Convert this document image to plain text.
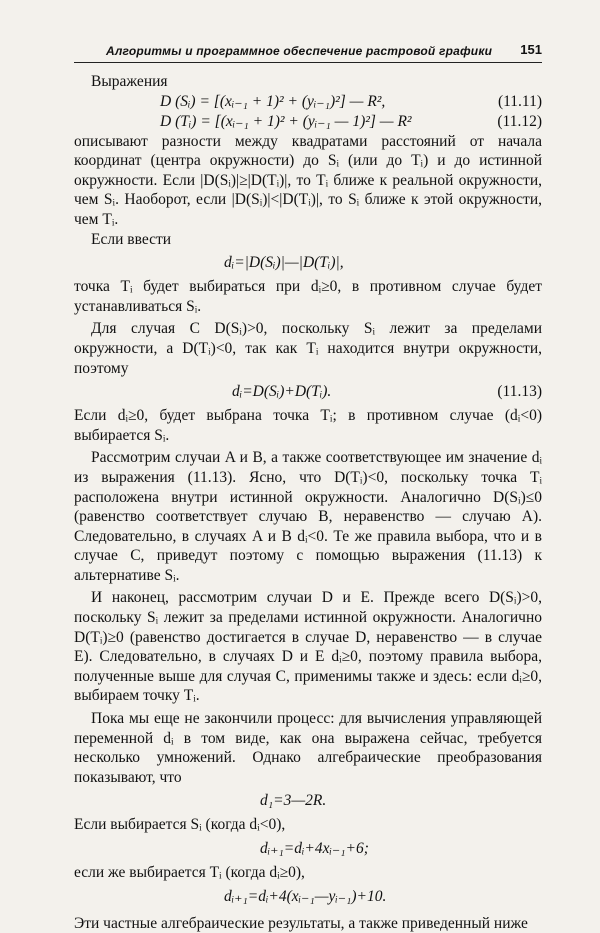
Алгоритмы и программное обеспечение растровой графики 151

Выражения

D (Sᵢ) = [(xᵢ₋₁ + 1)² + (yᵢ₋₁)²] — R²,	(11.11)
D (Tᵢ) = [(xᵢ₋₁ + 1)² + (yᵢ₋₁ — 1)²] — R²	(11.12)

описывают разности между квадратами расстояний от начала координат (центра окружности) до Sᵢ (или до Tᵢ) и до истинной окружности. Если |D(Sᵢ)|≥|D(Tᵢ)|, то Tᵢ ближе к реальной окружности, чем Sᵢ. Наоборот, если |D(Sᵢ)|<|D(Tᵢ)|, то Sᵢ ближе к этой окружности, чем Tᵢ.

Если ввести

dᵢ=|D(Sᵢ)|—|D(Tᵢ)|,

точка Tᵢ будет выбираться при dᵢ≥0, в противном случае будет устанавливаться Sᵢ.

Для случая C D(Sᵢ)>0, поскольку Sᵢ лежит за пределами окружности, а D(Tᵢ)<0, так как Tᵢ находится внутри окружности, поэтому

dᵢ=D(Sᵢ)+D(Tᵢ).	(11.13)

Если dᵢ≥0, будет выбрана точка Tᵢ; в противном случае (dᵢ<0) выбирается Sᵢ.

Рассмотрим случаи A и B, а также соответствующее им значение dᵢ из выражения (11.13). Ясно, что D(Tᵢ)<0, поскольку точка Tᵢ расположена внутри истинной окружности. Аналогично D(Sᵢ)≤0 (равенство соответствует случаю B, неравенство — случаю A). Следовательно, в случаях A и B dᵢ<0. Те же правила выбора, что и в случае C, приведут поэтому с помощью выражения (11.13) к альтернативе Sᵢ.

И наконец, рассмотрим случаи D и E. Прежде всего D(Sᵢ)>0, поскольку Sᵢ лежит за пределами истинной окружности. Аналогично D(Tᵢ)≥0 (равенство достигается в случае D, неравенство — в случае E). Следовательно, в случаях D и E dᵢ≥0, поэтому правила выбора, полученные выше для случая C, применимы также и здесь: если dᵢ≥0, выбираем точку Tᵢ.

Пока мы еще не закончили процесс: для вычисления управляющей переменной dᵢ в том виде, как она выражена сейчас, требуется несколько умножений. Однако алгебраические преобразования показывают, что

d₁=3—2R.

Если выбирается Sᵢ (когда dᵢ<0),

dᵢ₊₁=dᵢ+4xᵢ₋₁+6;

если же выбирается Tᵢ (когда dᵢ≥0),

dᵢ₊₁=dᵢ+4(xᵢ₋₁—yᵢ₋₁)+10.

Эти частные алгебраические результаты, а также приведенный ниже
